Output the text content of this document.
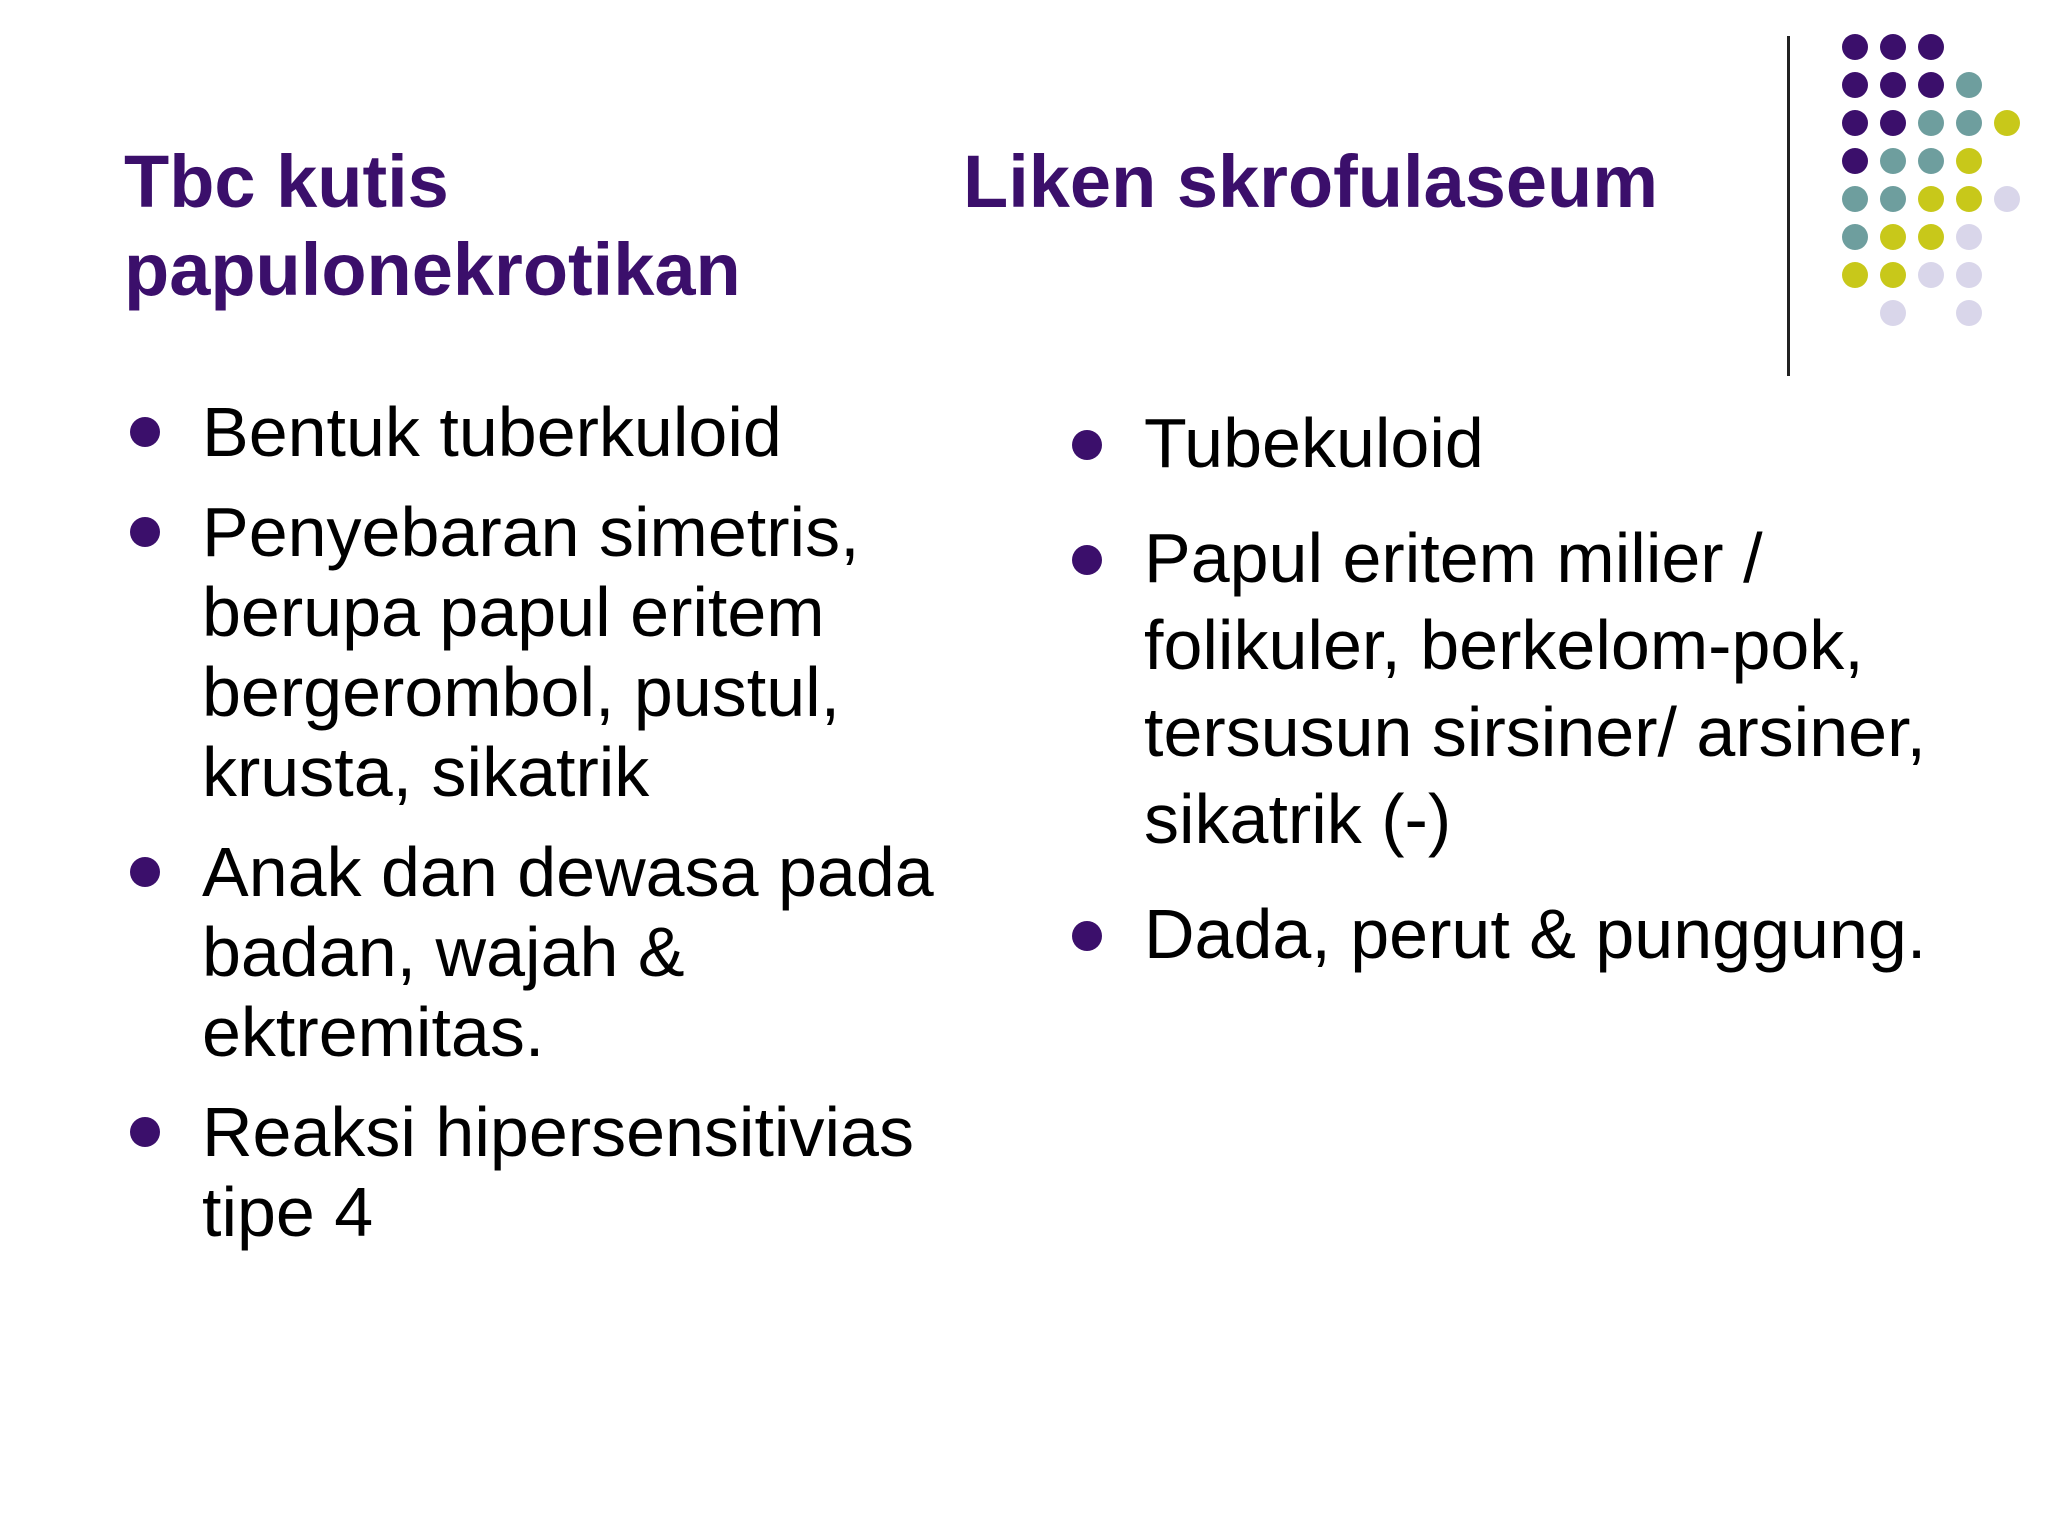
Tbc kutis
papulonekrotikan
Liken skrofulaseum
Bentuk tuberkuloid
Penyebaran simetris, berupa papul eritem bergerombol, pustul, krusta, sikatrik
Anak dan dewasa pada badan, wajah & ektremitas.
Reaksi hipersensitivias tipe 4
Tubekuloid
Papul eritem milier / folikuler, berkelom-pok, tersusun sirsiner/ arsiner, sikatrik (-)
Dada, perut & punggung.
